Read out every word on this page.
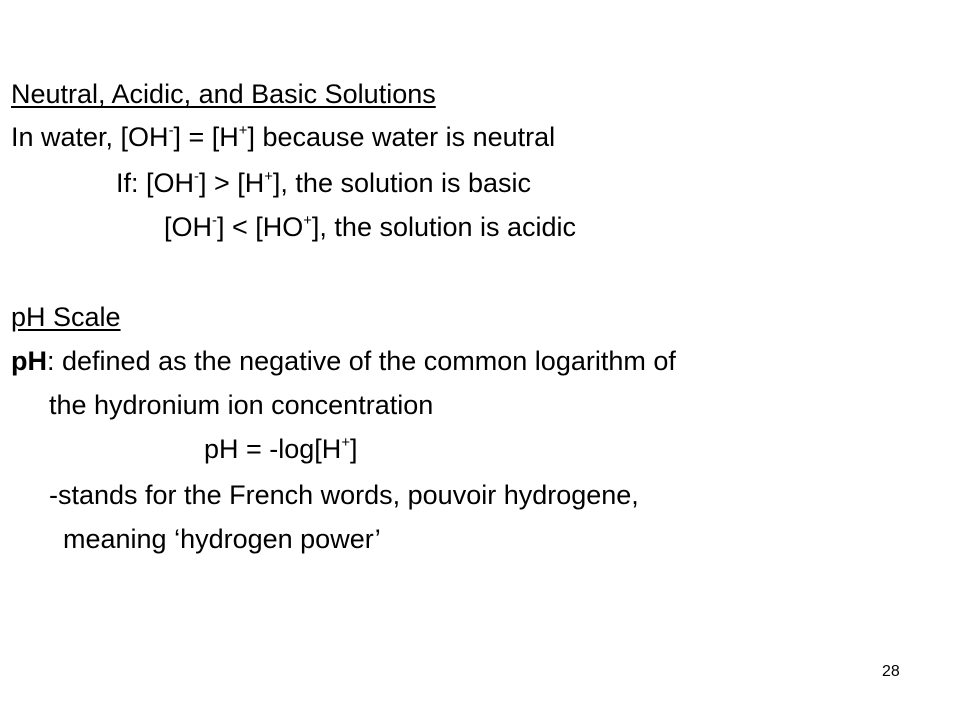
Neutral, Acidic, and Basic Solutions
In water, [OH-] = [H+] because water is neutral
If: [OH-] > [H+], the solution is basic
[OH-] < [HO+], the solution is acidic
pH Scale
pH: defined as the negative of the common logarithm of
the hydronium ion concentration
pH = -log[H+]
-stands for the French words, pouvoir hydrogene,
meaning ‘hydrogen power’
28
